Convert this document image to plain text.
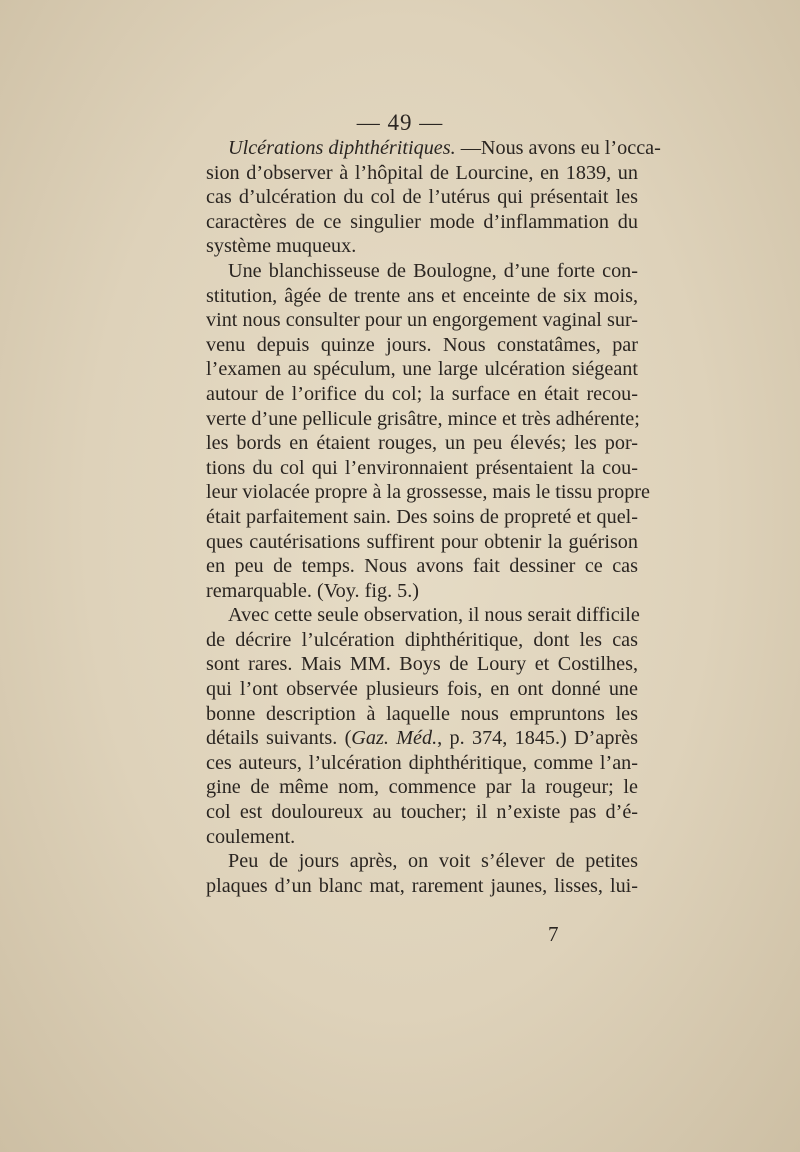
— 49 —
Ulcérations diphthéritiques. —Nous avons eu l’occa-
sion d’observer à l’hôpital de Lourcine, en 1839, un
cas d’ulcération du col de l’utérus qui présentait les
caractères de ce singulier mode d’inflammation du
système muqueux.
Une blanchisseuse de Boulogne, d’une forte con-
stitution, âgée de trente ans et enceinte de six mois,
vint nous consulter pour un engorgement vaginal sur-
venu depuis quinze jours. Nous constatâmes, par
l’examen au spéculum, une large ulcération siégeant
autour de l’orifice du col; la surface en était recou-
verte d’une pellicule grisâtre, mince et très adhérente;
les bords en étaient rouges, un peu élevés; les por-
tions du col qui l’environnaient présentaient la cou-
leur violacée propre à la grossesse, mais le tissu propre
était parfaitement sain. Des soins de propreté et quel-
ques cautérisations suffirent pour obtenir la guérison
en peu de temps. Nous avons fait dessiner ce cas
remarquable. (Voy. fig. 5.)
Avec cette seule observation, il nous serait difficile
de décrire l’ulcération diphthéritique, dont les cas
sont rares. Mais MM. Boys de Loury et Costilhes,
qui l’ont observée plusieurs fois, en ont donné une
bonne description à laquelle nous empruntons les
détails suivants. (Gaz. Méd., p. 374, 1845.) D’après
ces auteurs, l’ulcération diphthéritique, comme l’an-
gine de même nom, commence par la rougeur; le
col est douloureux au toucher; il n’existe pas d’é-
coulement.
Peu de jours après, on voit s’élever de petites
plaques d’un blanc mat, rarement jaunes, lisses, lui-
7
